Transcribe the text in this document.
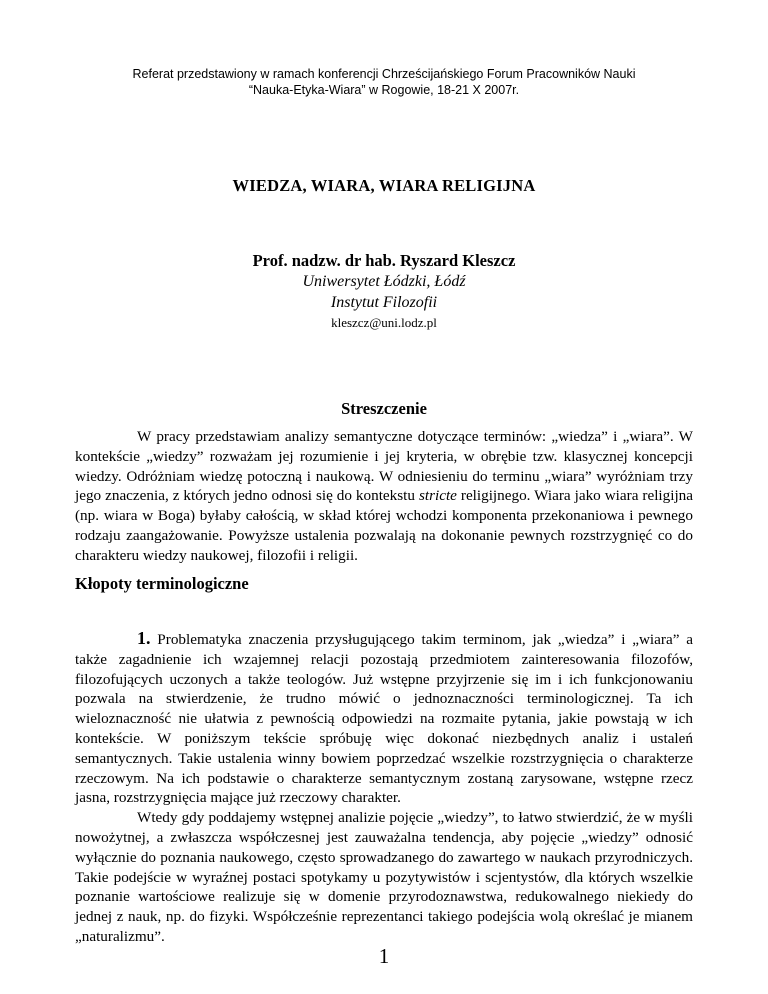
Referat przedstawiony w ramach konferencji Chrześcijańskiego Forum Pracowników Nauki
“Nauka-Etyka-Wiara” w Rogowie, 18-21 X 2007r.
WIEDZA, WIARA, WIARA RELIGIJNA
Prof. nadzw. dr hab. Ryszard Kleszcz
Uniwersytet Łódzki, Łódź
Instytut Filozofii
kleszcz@uni.lodz.pl
Streszczenie

W pracy przedstawiam analizy semantyczne dotyczące terminów: „wiedza” i „wiara”. W kontekście „wiedzy” rozważam jej rozumienie i jej kryteria, w obrębie tzw. klasycznej koncepcji wiedzy. Odróżniam wiedzę potoczną i naukową. W odniesieniu do terminu „wiara” wyróżniam trzy jego znaczenia, z których jedno odnosi się do kontekstu stricte religijnego. Wiara jako wiara religijna (np. wiara w Boga) byłaby całością, w skład której wchodzi komponenta przekonaniowa i pewnego rodzaju zaangażowanie. Powyższe ustalenia pozwalają na dokonanie pewnych rozstrzygnięć co do charakteru wiedzy naukowej, filozofii i religii.

Kłopoty terminologiczne

1. Problematyka znaczenia przysługującego takim terminom, jak „wiedza” i „wiara” a także zagadnienie ich wzajemnej relacji pozostają przedmiotem zainteresowania filozofów, filozofujących uczonych a także teologów. Już wstępne przyjrzenie się im i ich funkcjonowaniu pozwala na stwierdzenie, że trudno mówić o jednoznaczności terminologicznej. Ta ich wieloznaczność nie ułatwia z pewnością odpowiedzi na rozmaite pytania, jakie powstają w ich kontekście. W poniższym tekście spróbuję więc dokonać niezbędnych analiz i ustaleń semantycznych. Takie ustalenia winny bowiem poprzedzać wszelkie rozstrzygnięcia o charakterze rzeczowym. Na ich podstawie o charakterze semantycznym zostaną zarysowane, wstępne rzecz jasna, rozstrzygnięcia mające już rzeczowy charakter.

Wtedy gdy poddajemy wstępnej analizie pojęcie „wiedzy”, to łatwo stwierdzić, że w myśli nowożytnej, a zwłaszcza współczesnej jest zauważalna tendencja, aby pojęcie „wiedzy” odnosić wyłącznie do poznania naukowego, często sprowadzanego do zawartego w naukach przyrodniczych. Takie podejście w wyraźnej postaci spotykamy u pozytywistów i scjentystów, dla których wszelkie poznanie wartościowe realizuje się w domenie przyrodoznawstwa, redukowalnego niekiedy do jednej z nauk, np. do fizyki. Współcześnie reprezentanci takiego podejścia wolą określać je mianem „naturalizmu”.

1
